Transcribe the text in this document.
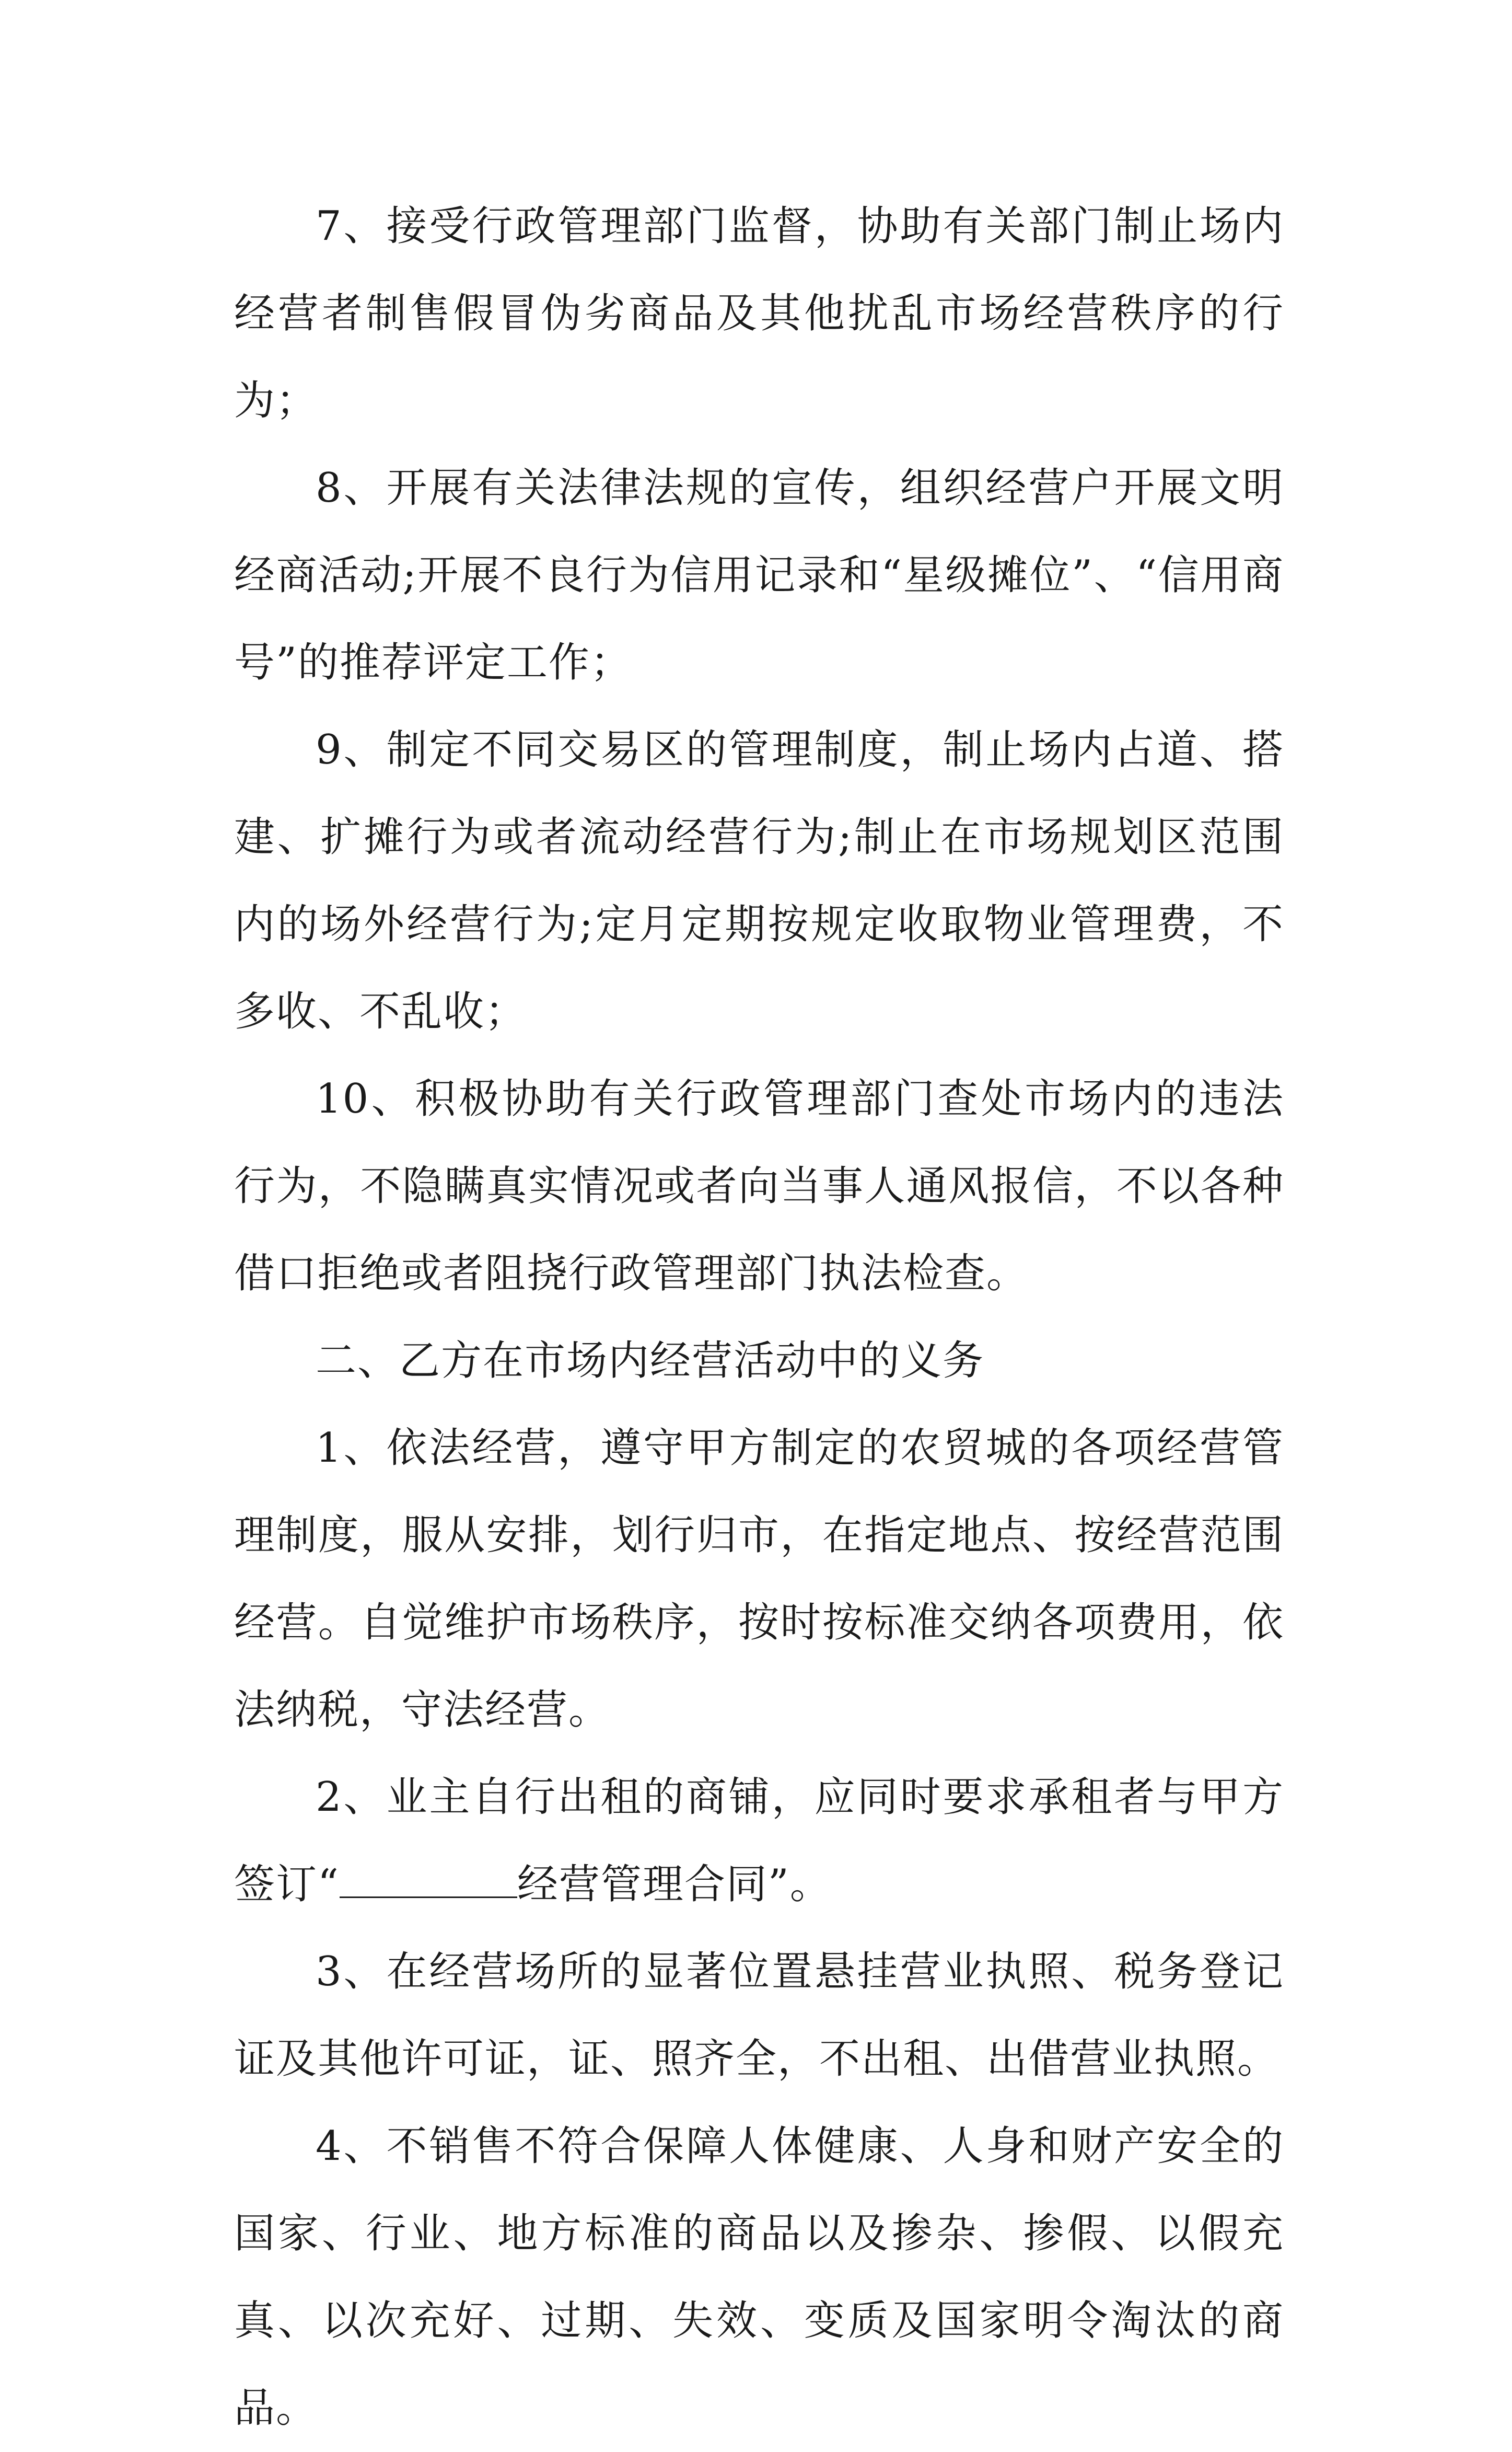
7、接受行政管理部门监督，协助有关部门制止场内经营者制售假冒伪劣商品及其他扰乱市场经营秩序的行为；

8、开展有关法律法规的宣传，组织经营户开展文明经商活动;开展不良行为信用记录和“星级摊位”、“信用商号”的推荐评定工作；

9、制定不同交易区的管理制度，制止场内占道、搭建、扩摊行为或者流动经营行为;制止在市场规划区范围内的场外经营行为;定月定期按规定收取物业管理费，不多收、不乱收；

10、积极协助有关行政管理部门查处市场内的违法行为，不隐瞒真实情况或者向当事人通风报信，不以各种借口拒绝或者阻挠行政管理部门执法检查。

二、乙方在市场内经营活动中的义务

1、依法经营，遵守甲方制定的农贸城的各项经营管理制度，服从安排，划行归市，在指定地点、按经营范围经营。自觉维护市场秩序，按时按标准交纳各项费用，依法纳税，守法经营。

2、业主自行出租的商铺，应同时要求承租者与甲方签订“	经营管理合同”。

3、在经营场所的显著位置悬挂营业执照、税务登记证及其他许可证，证、照齐全，不出租、出借营业执照。

4、不销售不符合保障人体健康、人身和财产安全的国家、行业、地方标准的商品以及掺杂、掺假、以假充真、以次充好、过期、失效、变质及国家明令淘汰的商品。
